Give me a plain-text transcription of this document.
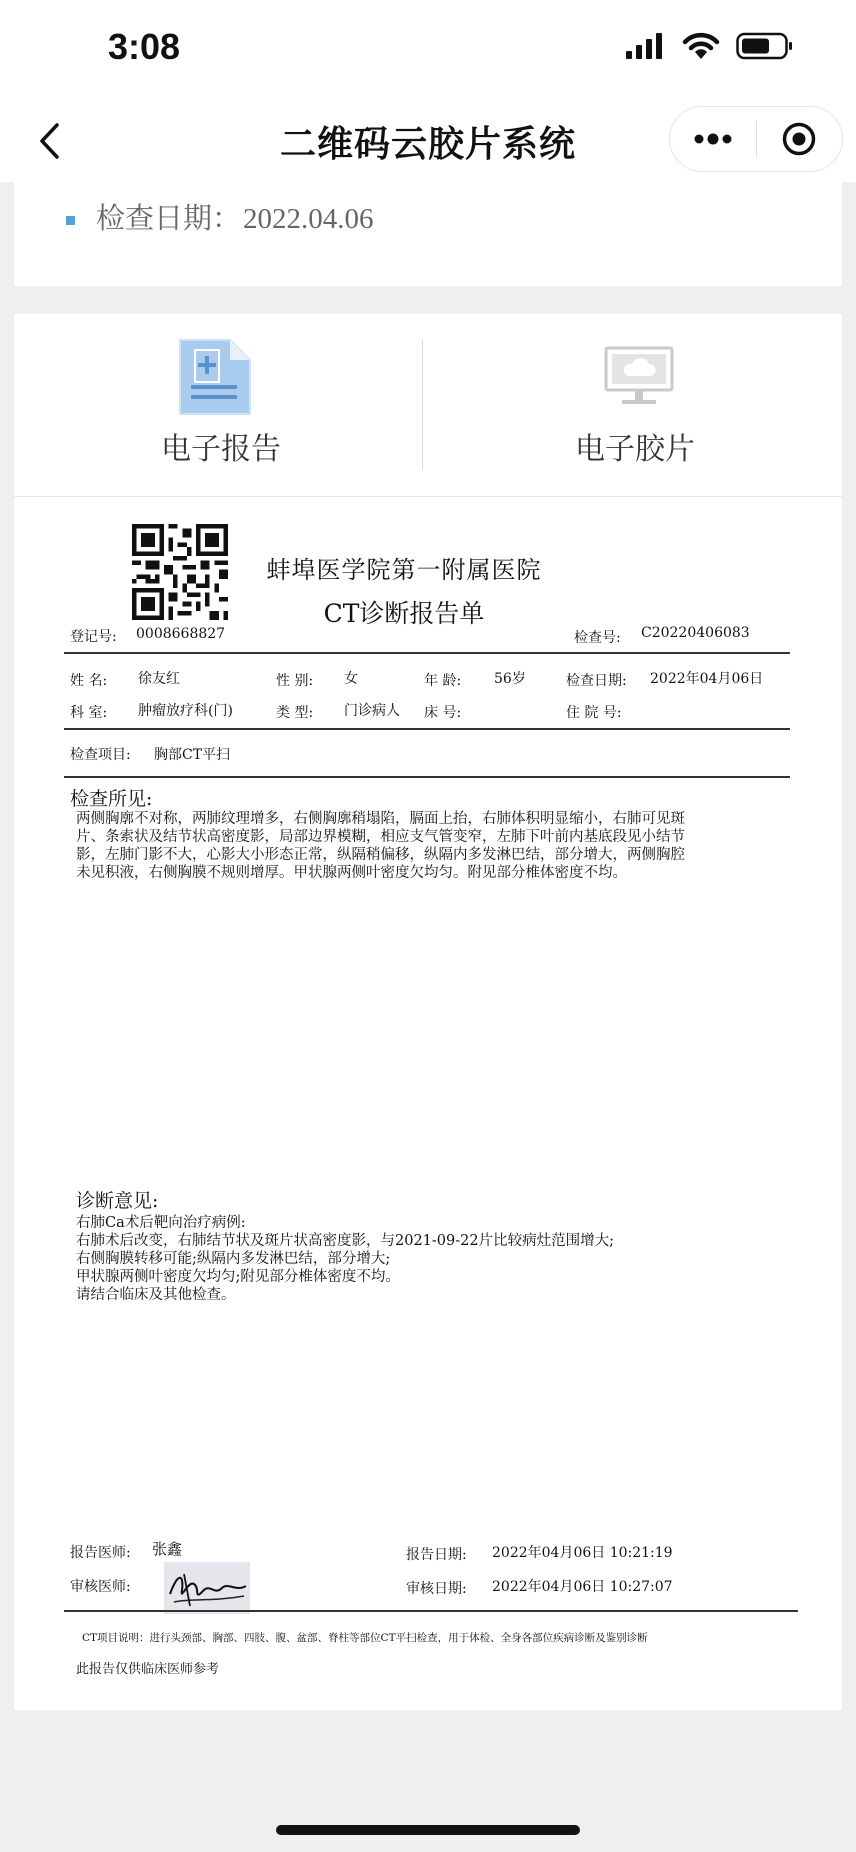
3:08
二维码云胶片系统
检查日期： 2022.04.06
电子报告	电子胶片
蚌埠医学院第一附属医院
CT诊断报告单
登记号: 0008668827	检查号: C20220406083
姓 名: 徐友红	性 别: 女	年 龄: 56岁	检查日期: 2022年04月06日
科 室: 肿瘤放疗科(门)	类 型: 门诊病人 床 号:	住 院 号:
检查项目: 胸部CT平扫
检查所见:
两侧胸廓不对称，两肺纹理增多，右侧胸廓稍塌陷，膈面上抬，右肺体积明显缩小，右肺可见斑
片、条索状及结节状高密度影，局部边界模糊，相应支气管变窄，左肺下叶前内基底段见小结节
影，左肺门影不大，心影大小形态正常，纵隔稍偏移，纵隔内多发淋巴结，部分增大，两侧胸腔
未见积液，右侧胸膜不规则增厚。甲状腺两侧叶密度欠均匀。附见部分椎体密度不均。
诊断意见:
右肺Ca术后靶向治疗病例:
右肺术后改变，右肺结节状及斑片状高密度影，与2021-09-22片比较病灶范围增大;
右侧胸膜转移可能;纵隔内多发淋巴结，部分增大;
甲状腺两侧叶密度欠均匀;附见部分椎体密度不均。
请结合临床及其他检查。
报告医师: 张鑫
审核医师:
报告日期: 2022年04月06日 10:21:19
审核日期: 2022年04月06日 10:27:07
CT项目说明：进行头颈部、胸部、四肢、腹、盆部、脊柱等部位CT平扫检查，用于体检、全身各部位疾病诊断及鉴别诊断
此报告仅供临床医师参考
